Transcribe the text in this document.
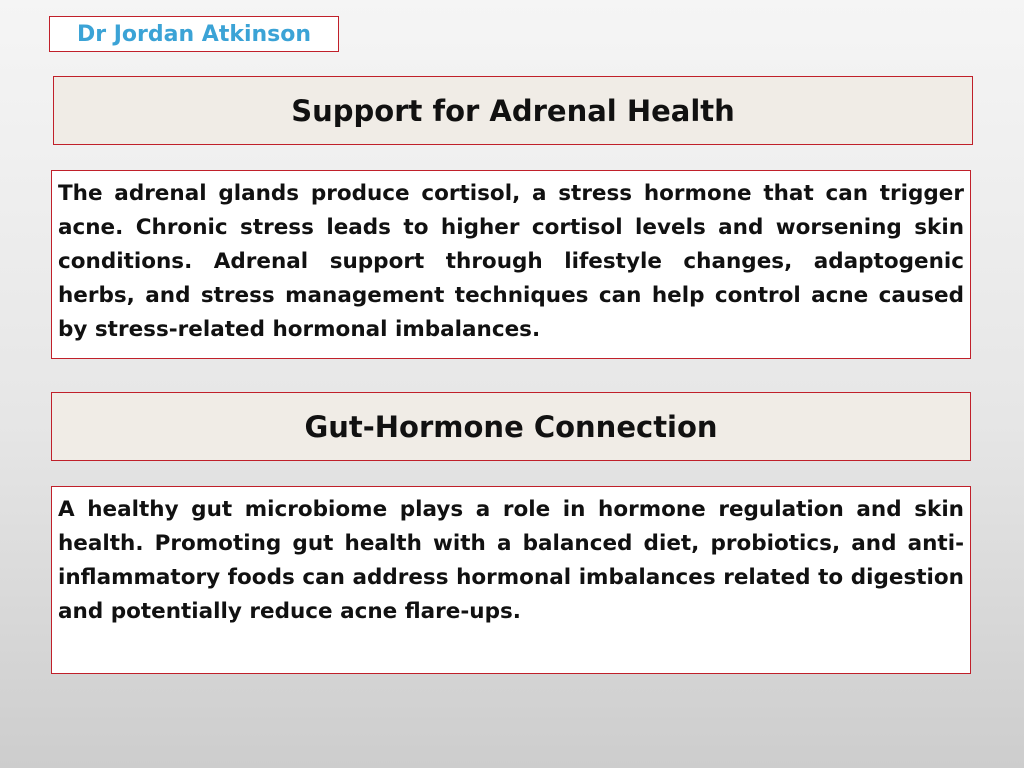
Dr Jordan Atkinson
Support for Adrenal Health

The adrenal glands produce cortisol, a stress hormone that can trigger acne. Chronic stress leads to higher cortisol levels and worsening skin conditions. Adrenal support through lifestyle changes, adaptogenic herbs, and stress management techniques can help control acne caused by stress-related hormonal imbalances.

Gut-Hormone Connection

A healthy gut microbiome plays a role in hormone regulation and skin health. Promoting gut health with a balanced diet, probiotics, and anti-inflammatory foods can address hormonal imbalances related to digestion and potentially reduce acne flare-ups.
